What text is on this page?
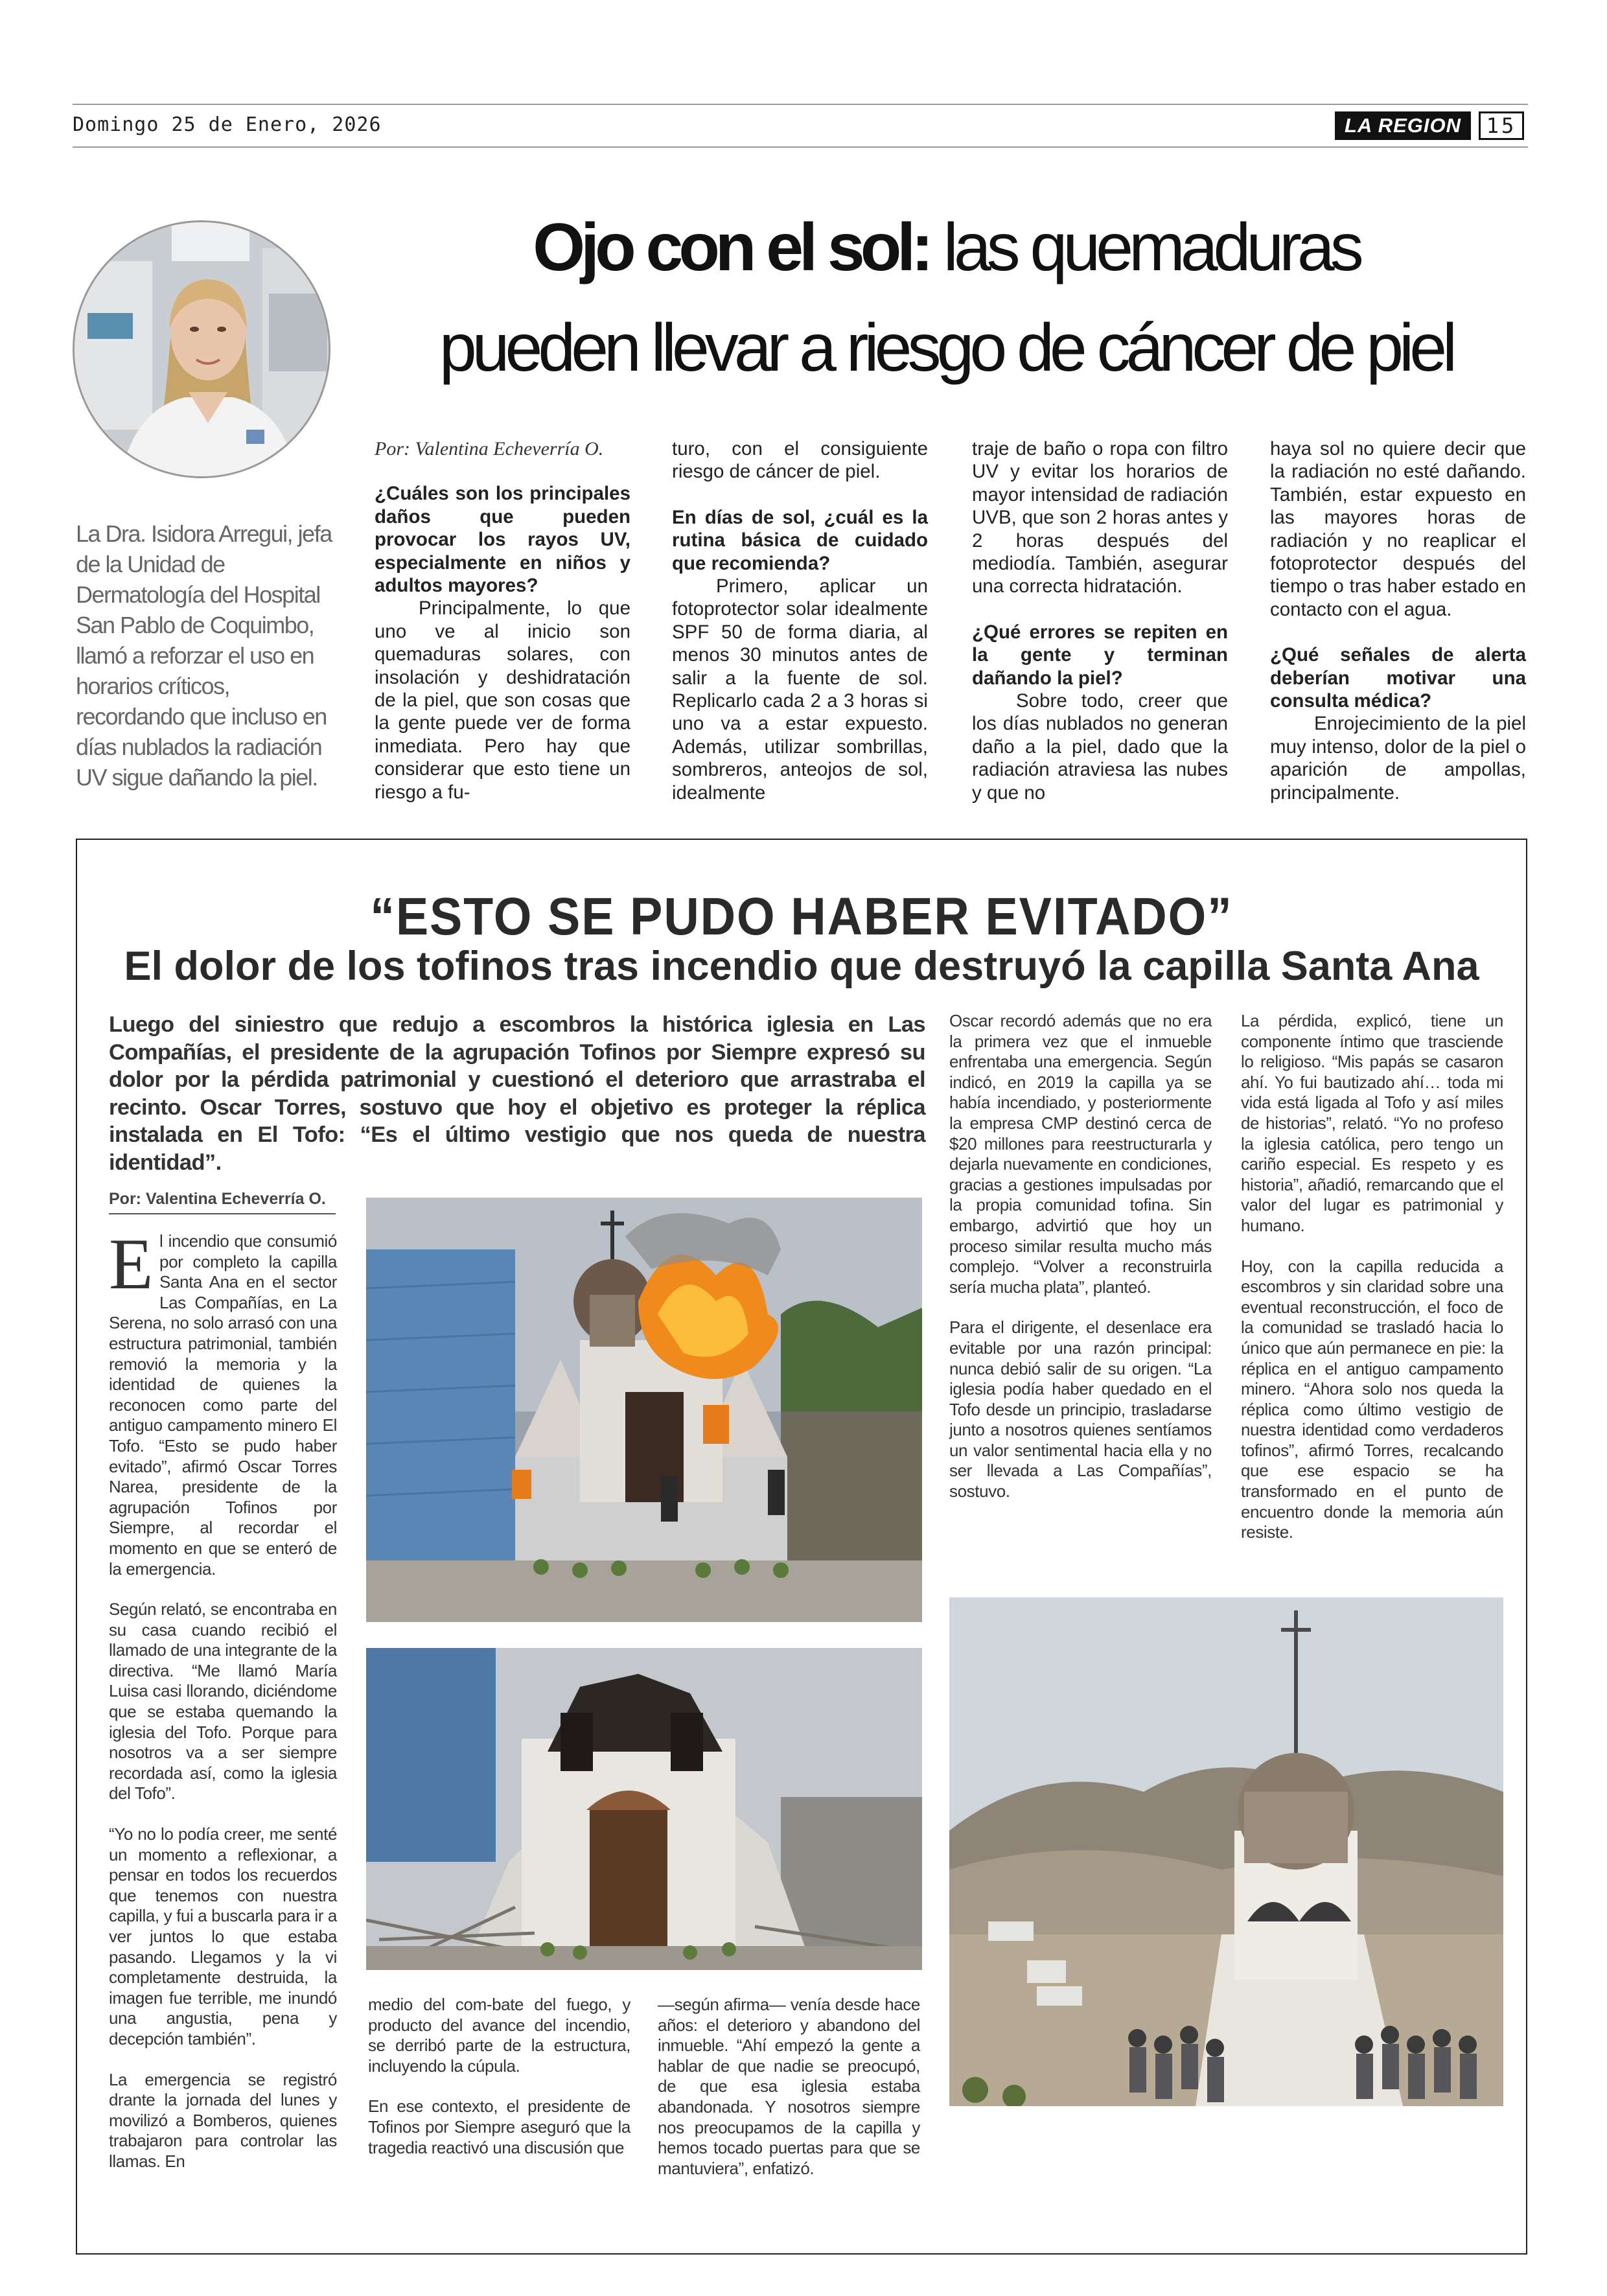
Domingo 25 de Enero, 2026	LA REGION	15
La Dra. Isidora Arregui, jefa de la Unidad de Dermatología del Hospital San Pablo de Coquimbo, llamó a reforzar el uso en horarios críticos, recordando que incluso en días nublados la radiación UV sigue dañando la piel.
Ojo con el sol: las quemaduras
pueden llevar a riesgo de cáncer de piel

Por: Valentina Echeverría O.

¿Cuáles son los principales daños que pueden provocar los rayos UV, especialmente en niños y adultos mayores?

Principalmente, lo que uno ve al inicio son quemaduras solares, con insolación y deshidratación de la piel, que son cosas que la gente puede ver de forma inmediata. Pero hay que considerar que esto tiene un riesgo a fu-

turo, con el consiguiente riesgo de cáncer de piel.

En días de sol, ¿cuál es la rutina básica de cuidado que recomienda?

Primero, aplicar un fotoprotector solar idealmente SPF 50 de forma diaria, al menos 30 minutos antes de salir a la fuente de sol. Replicarlo cada 2 a 3 horas si uno va a estar expuesto. Además, utilizar sombrillas, sombreros, anteojos de sol, idealmente

traje de baño o ropa con filtro UV y evitar los horarios de mayor intensidad de radiación UVB, que son 2 horas antes y 2 horas después del mediodía. También, asegurar una correcta hidratación.

¿Qué errores se repiten en la gente y terminan dañando la piel?

Sobre todo, creer que los días nublados no generan daño a la piel, dado que la radiación atraviesa las nubes y que no

haya sol no quiere decir que la radiación no esté dañando. También, estar expuesto en las mayores horas de radiación y no reaplicar el fotoprotector después del tiempo o tras haber estado en contacto con el agua.

¿Qué señales de alerta deberían motivar una consulta médica?

Enrojecimiento de la piel muy intenso, dolor de la piel o aparición de ampollas, principalmente.

“ESTO SE PUDO HABER EVITADO”
El dolor de los tofinos tras incendio que destruyó la capilla Santa Ana
Luego del siniestro que redujo a escombros la histórica iglesia en Las Compañías, el presidente de la agrupación Tofinos por Siempre expresó su dolor por la pérdida patrimonial y cuestionó el deterioro que arrastraba el recinto. Oscar Torres, sostuvo que hoy el objetivo es proteger la réplica instalada en El Tofo: “Es el último vestigio que nos queda de nuestra identidad”.
Por: Valentina Echeverría O.

El incendio que consumió por completo la capilla Santa Ana en el sector Las Compañías, en La Serena, no solo arrasó con una estructura patrimonial, también removió la memoria y la identidad de quienes la reconocen como parte del antiguo campamento minero El Tofo. “Esto se pudo haber evitado”, afirmó Oscar Torres Narea, presidente de la agrupación Tofinos por Siempre, al recordar el momento en que se enteró de la emergencia.

Según relató, se encontraba en su casa cuando recibió el llamado de una integrante de la directiva. “Me llamó María Luisa casi llorando, diciéndome que se estaba quemando la iglesia del Tofo. Porque para nosotros va a ser siempre recordada así, como la iglesia del Tofo”.

“Yo no lo podía creer, me senté un momento a reflexionar, a pensar en todos los recuerdos que tenemos con nuestra capilla, y fui a buscarla para ir a ver juntos lo que estaba pasando. Llegamos y la vi completamente destruida, la imagen fue terrible, me inundó una angustia, pena y decepción también”.

La emergencia se registró drante la jornada del lunes y movilizó a Bomberos, quienes trabajaron para controlar las llamas. En

medio del com-bate del fuego, y producto del avance del incendio, se derribó parte de la estructura, incluyendo la cúpula.

En ese contexto, el presidente de Tofinos por Siempre aseguró que la tragedia reactivó una discusión que

—según afirma— venía desde hace años: el deterioro y abandono del inmueble. “Ahí empezó la gente a hablar de que nadie se preocupó, de que esa iglesia estaba abandonada. Y nosotros siempre nos preocupamos de la capilla y hemos tocado puertas para que se mantuviera”, enfatizó.

Oscar recordó además que no era la primera vez que el inmueble enfrentaba una emergencia. Según indicó, en 2019 la capilla ya se había incendiado, y posteriormente la empresa CMP destinó cerca de $20 millones para reestructurarla y dejarla nuevamente en condiciones, gracias a gestiones impulsadas por la propia comunidad tofina. Sin embargo, advirtió que hoy un proceso similar resulta mucho más complejo. “Volver a reconstruirla sería mucha plata”, planteó.

Para el dirigente, el desenlace era evitable por una razón principal: nunca debió salir de su origen. “La iglesia podía haber quedado en el Tofo desde un principio, trasladarse junto a nosotros quienes sentíamos un valor sentimental hacia ella y no ser llevada a Las Compañías”, sostuvo.

La pérdida, explicó, tiene un componente íntimo que trasciende lo religioso. “Mis papás se casaron ahí. Yo fui bautizado ahí… toda mi vida está ligada al Tofo y así miles de historias”, relató. “Yo no profeso la iglesia católica, pero tengo un cariño especial. Es respeto y es historia”, añadió, remarcando que el valor del lugar es patrimonial y humano.

Hoy, con la capilla reducida a escombros y sin claridad sobre una eventual reconstrucción, el foco de la comunidad se trasladó hacia lo único que aún permanece en pie: la réplica en el antiguo campamento minero. “Ahora solo nos queda la réplica como último vestigio de nuestra identidad como verdaderos tofinos”, afirmó Torres, recalcando que ese espacio se ha transformado en el punto de encuentro donde la memoria aún resiste.
